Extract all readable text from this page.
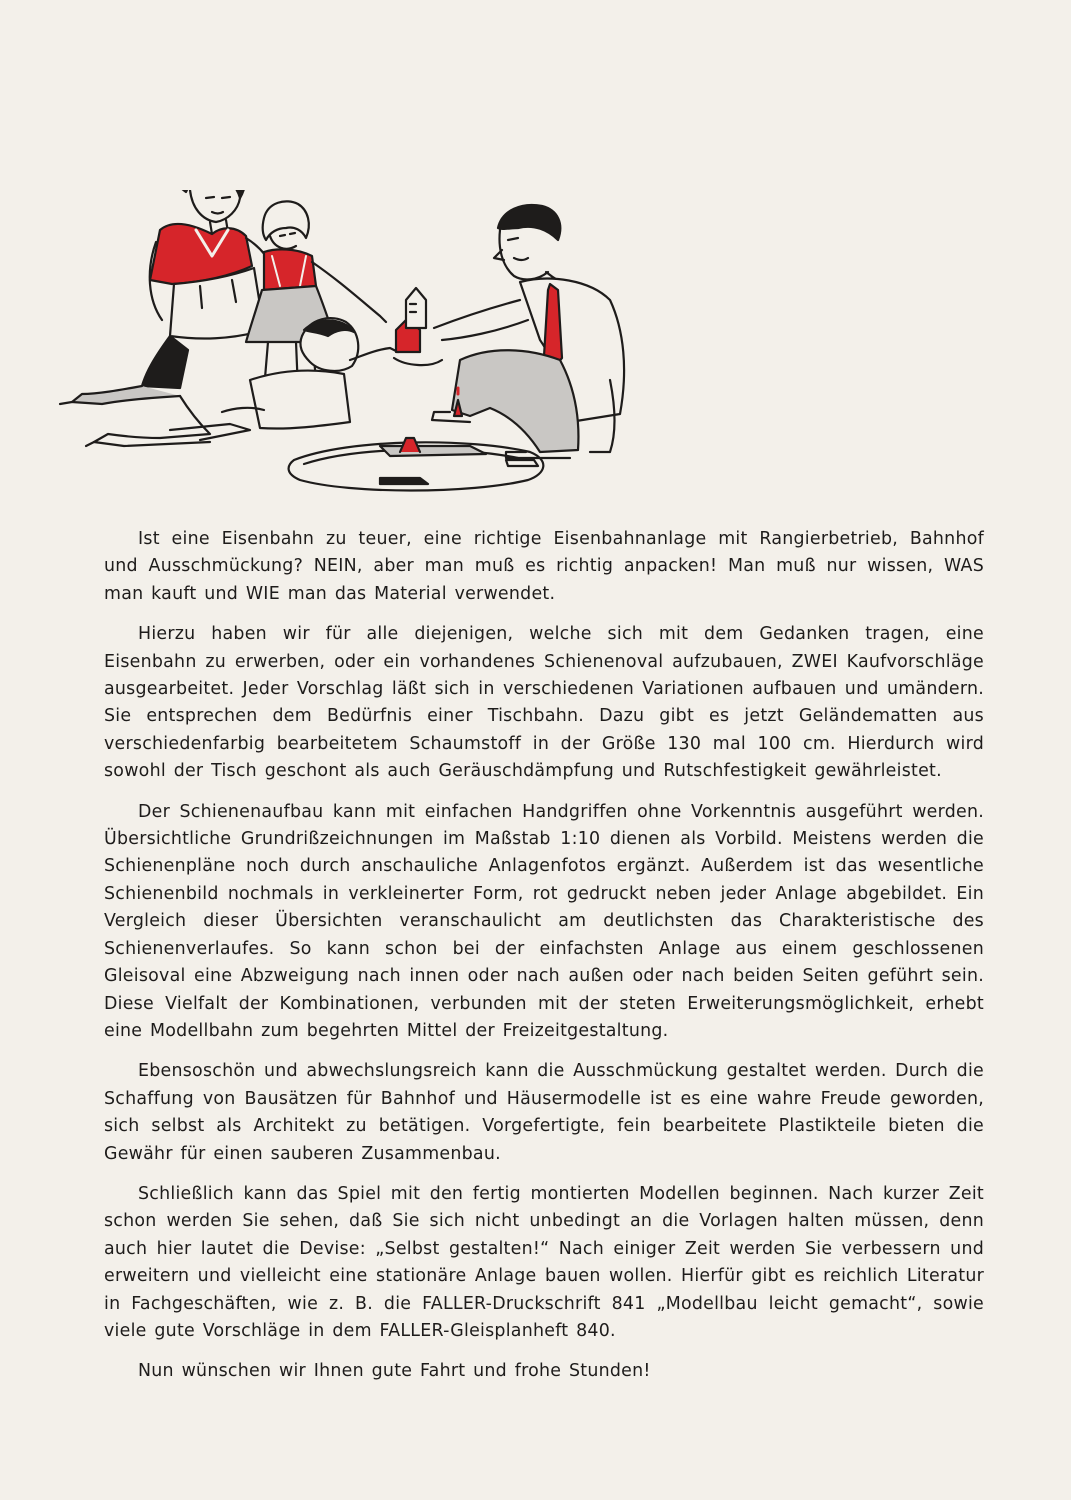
Ist eine Eisenbahn zu teuer, eine richtige Eisenbahnanlage mit Rangierbetrieb, Bahnhof und Ausschmückung? NEIN, aber man muß es richtig anpacken! Man muß nur wissen, WAS man kauft und WIE man das Material verwendet.

Hierzu haben wir für alle diejenigen, welche sich mit dem Gedanken tragen, eine Eisenbahn zu erwerben, oder ein vorhandenes Schienenoval aufzubauen, ZWEI Kaufvorschläge ausgearbeitet. Jeder Vorschlag läßt sich in verschiedenen Variationen aufbauen und umändern. Sie entsprechen dem Bedürfnis einer Tischbahn. Dazu gibt es jetzt Geländematten aus verschiedenfarbig bearbeitetem Schaumstoff in der Größe 130 mal 100 cm. Hierdurch wird sowohl der Tisch geschont als auch Geräuschdämpfung und Rutschfestigkeit gewährleistet.

Der Schienenaufbau kann mit einfachen Handgriffen ohne Vorkenntnis ausgeführt werden. Übersichtliche Grundrißzeichnungen im Maßstab 1:10 dienen als Vorbild. Meistens werden die Schienenpläne noch durch anschauliche Anlagenfotos ergänzt. Außerdem ist das wesentliche Schienenbild nochmals in verkleinerter Form, rot gedruckt neben jeder Anlage abgebildet. Ein Vergleich dieser Übersichten veranschaulicht am deutlichsten das Charakteristische des Schienenverlaufes. So kann schon bei der einfachsten Anlage aus einem geschlossenen Gleisoval eine Abzweigung nach innen oder nach außen oder nach beiden Seiten geführt sein. Diese Vielfalt der Kombinationen, verbunden mit der steten Erweiterungsmöglichkeit, erhebt eine Modellbahn zum begehrten Mittel der Freizeitgestaltung.

Ebensoschön und abwechslungsreich kann die Ausschmückung gestaltet werden. Durch die Schaffung von Bausätzen für Bahnhof und Häusermodelle ist es eine wahre Freude geworden, sich selbst als Architekt zu betätigen. Vorgefertigte, fein bearbeitete Plastikteile bieten die Gewähr für einen sauberen Zusammenbau.

Schließlich kann das Spiel mit den fertig montierten Modellen beginnen. Nach kurzer Zeit schon werden Sie sehen, daß Sie sich nicht unbedingt an die Vorlagen halten müssen, denn auch hier lautet die Devise: „Selbst gestalten!“ Nach einiger Zeit werden Sie verbessern und erweitern und vielleicht eine stationäre Anlage bauen wollen. Hierfür gibt es reichlich Literatur in Fachgeschäften, wie z. B. die FALLER-Druckschrift 841 „Modellbau leicht gemacht“, sowie viele gute Vorschläge in dem FALLER-Gleisplanheft 840.

Nun wünschen wir Ihnen gute Fahrt und frohe Stunden!
